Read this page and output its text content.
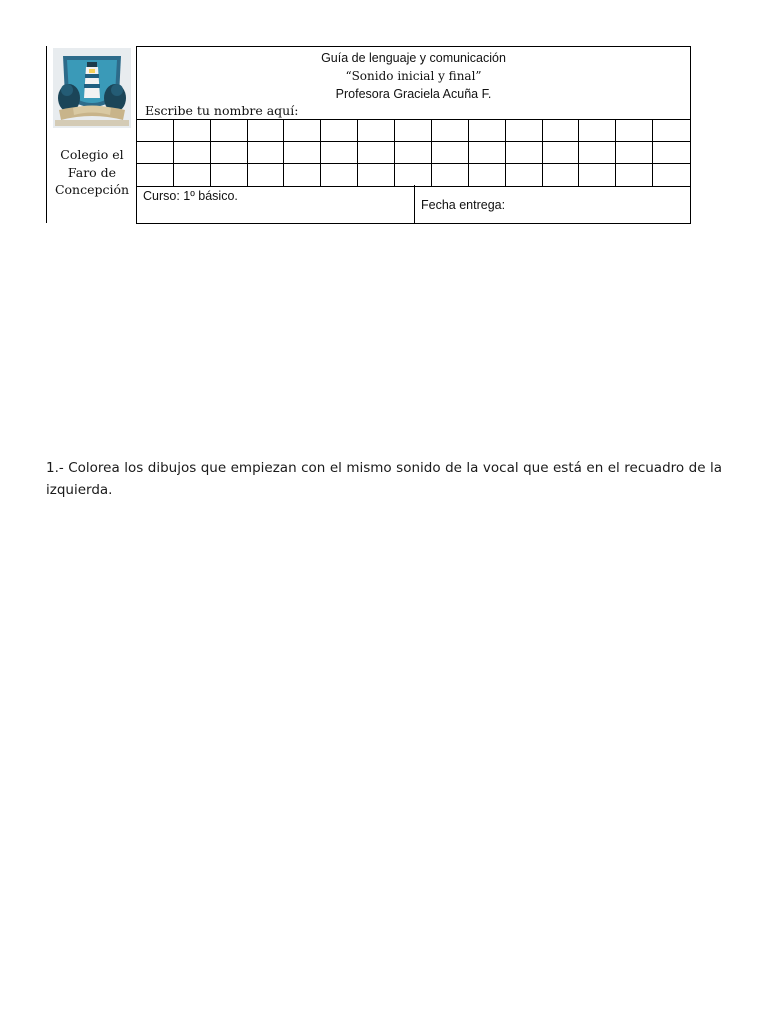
Colegio el Faro de Concepción
Guía de lenguaje y comunicación
“Sonido inicial y final”
Profesora Graciela Acuña F.
Escribe tu nombre aquí:
Curso: 1º básico.
Fecha entrega:

1.- Colorea los dibujos que empiezan con el mismo sonido de la vocal que está en el recuadro de la izquierda.
